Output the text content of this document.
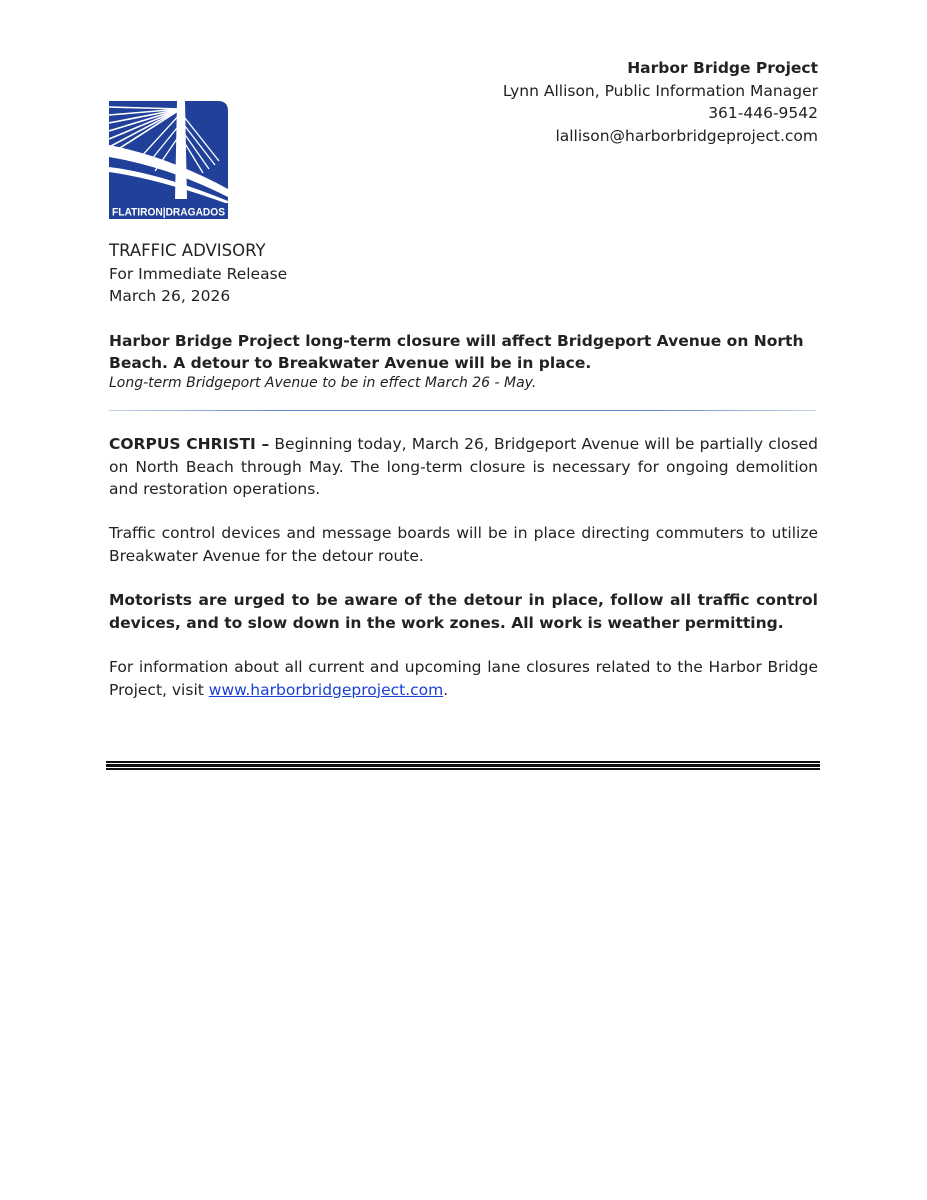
Harbor Bridge Project
Lynn Allison, Public Information Manager
361-446-9542
lallison@harborbridgeproject.com
FLATIRON|DRAGADOS
TRAFFIC ADVISORY
For Immediate Release
March 26, 2026
Harbor Bridge Project long-term closure will affect Bridgeport Avenue on North Beach. A detour to Breakwater Avenue will be in place.
Long-term Bridgeport Avenue to be in effect March 26 - May.
CORPUS CHRISTI – Beginning today, March 26, Bridgeport Avenue will be partially closed on North Beach through May. The long-term closure is necessary for ongoing demolition and restoration operations.
Traffic control devices and message boards will be in place directing commuters to utilize Breakwater Avenue for the detour route.
Motorists are urged to be aware of the detour in place, follow all traffic control devices, and to slow down in the work zones. All work is weather permitting.
For information about all current and upcoming lane closures related to the Harbor Bridge Project, visit www.harborbridgeproject.com.
